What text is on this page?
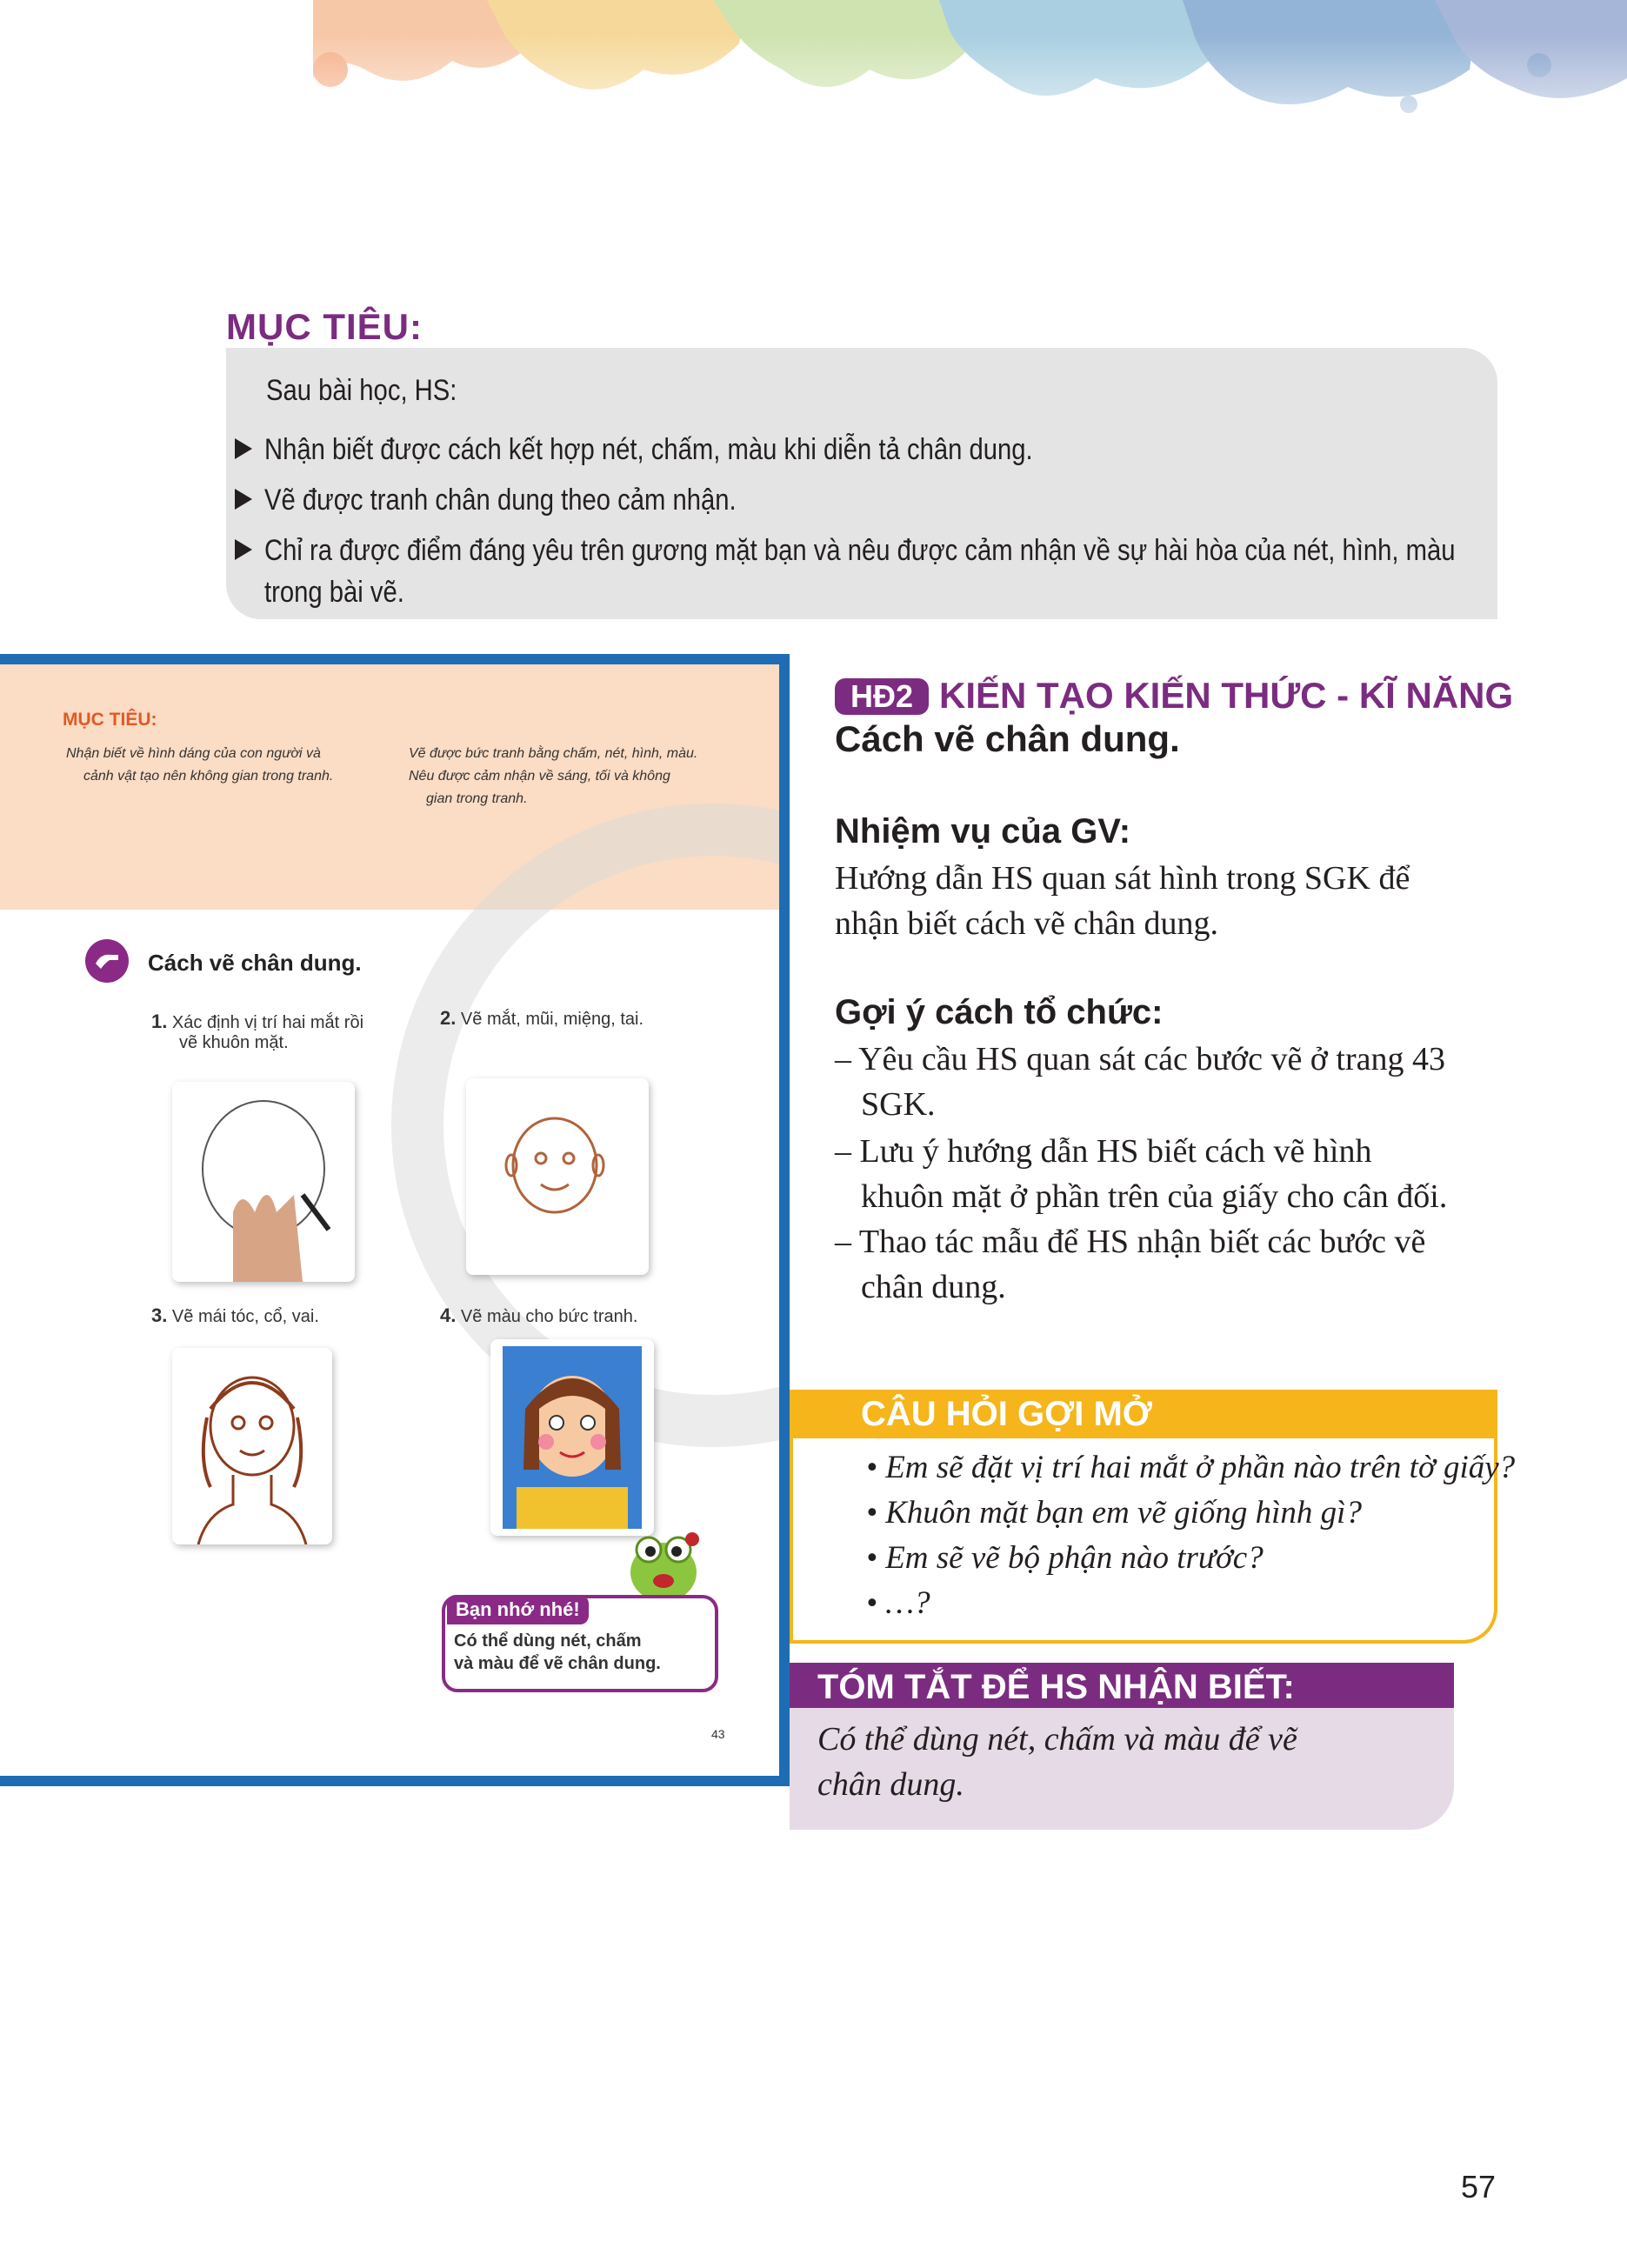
MỤC TIÊU:
Sau bài học, HS:
Nhận biết được cách kết hợp nét, chấm, màu khi diễn tả chân dung.
Vẽ được tranh chân dung theo cảm nhận.
Chỉ ra được điểm đáng yêu trên gương mặt bạn và nêu được cảm nhận về sự hài hòa của nét, hình, màu
trong bài vẽ.
MỤC TIÊU:
Nhận biết về hình dáng của con người và
cảnh vật tạo nên không gian trong tranh.
Vẽ được bức tranh bằng chấm, nét, hình, màu.
Nêu được cảm nhận về sáng, tối và không
gian trong tranh.
Cách vẽ chân dung.
1. Xác định vị trí hai mắt rồi
vẽ khuôn mặt.
2. Vẽ mắt, mũi, miệng, tai.
3. Vẽ mái tóc, cổ, vai.	4. Vẽ màu cho bức tranh.
Bạn nhớ nhé!
Có thể dùng nét, chấm
và màu để vẽ chân dung.
43
HĐ2 KIẾN TẠO KIẾN THỨC - KĨ NĂNG
Cách vẽ chân dung.
Nhiệm vụ của GV:
Hướng dẫn HS quan sát hình trong SGK để
nhận biết cách vẽ chân dung.
Gợi ý cách tổ chức:
– Yêu cầu HS quan sát các bước vẽ ở trang 43
SGK.
– Lưu ý hướng dẫn HS biết cách vẽ hình
khuôn mặt ở phần trên của giấy cho cân đối.
– Thao tác mẫu để HS nhận biết các bước vẽ
chân dung.
CÂU HỎI GỢI MỞ
• Em sẽ đặt vị trí hai mắt ở phần nào trên tờ giấy?
• Khuôn mặt bạn em vẽ giống hình gì?
• Em sẽ vẽ bộ phận nào trước?
• …?
TÓM TẮT ĐỂ HS NHẬN BIẾT:
Có thể dùng nét, chấm và màu để vẽ
chân dung.
57
